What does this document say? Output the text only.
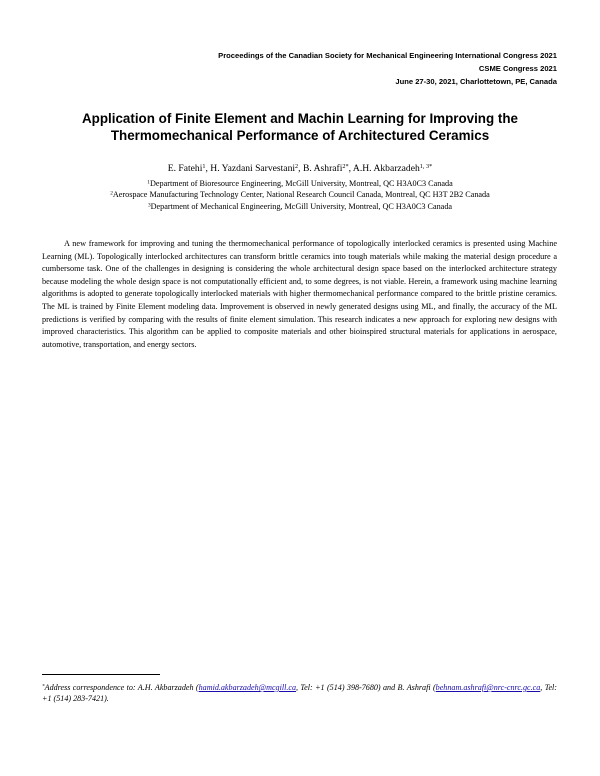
Proceedings of the Canadian Society for Mechanical Engineering International Congress 2021
CSME Congress 2021
June 27-30, 2021, Charlottetown, PE, Canada
Application of Finite Element and Machin Learning for Improving the
Thermomechanical Performance of Architectured Ceramics
E. Fatehi$^1$, H. Yazdani Sarvestani$^2$, B. Ashrafi$^{2*}$, A.H. Akbarzadeh$^{1, 3*}$
$^1$Department of Bioresource Engineering, McGill University, Montreal, QC H3A0C3 Canada
$^2$Aerospace Manufacturing Technology Center, National Research Council Canada, Montreal, QC H3T 2B2 Canada
$^3$Department of Mechanical Engineering, McGill University, Montreal, QC H3A0C3 Canada

A new framework for improving and tuning the thermomechanical performance of topologically interlocked ceramics is presented using Machine Learning (ML). Topologically interlocked architectures can transform brittle ceramics into tough materials while making the material design procedure a cumbersome task. One of the challenges in designing is considering the whole architectural design space based on the interlocked architecture strategy because modeling the whole design space is not computationally efficient and, to some degrees, is not viable. Herein, a framework using machine learning algorithms is adopted to generate topologically interlocked materials with higher thermomechanical performance compared to the brittle pristine ceramics. The ML is trained by Finite Element modeling data. Improvement is observed in newly generated designs using ML, and finally, the accuracy of the ML predictions is verified by comparing with the results of finite element simulation. This research indicates a new approach for exploring new designs with improved characteristics. This algorithm can be applied to composite materials and other bioinspired structural materials for applications in aerospace, automotive, transportation, and energy sectors.

*Address correspondence to: A.H. Akbarzadeh (hamid.akbarzadeh@mcgill.ca, Tel: +1 (514) 398-7680) and B. Ashrafi (behnam.ashrafi@nrc-cnrc.gc.ca, Tel: +1 (514) 283-7421).
